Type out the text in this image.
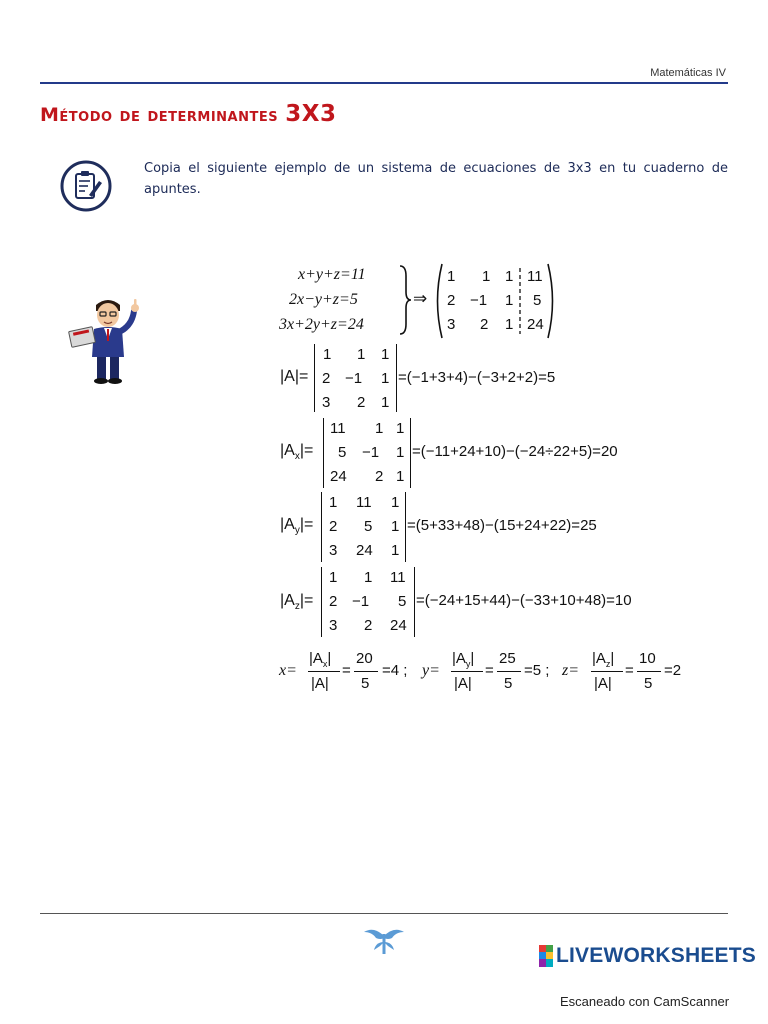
Matemáticas IV
Método de determinantes 3X3
Copia el siguiente ejemplo de un sistema de ecuaciones de 3x3 en tu cuaderno de apuntes.
x+y+z=11
2x−y+z=5
3x+2y+z=24
⇒
1 1 1 11
2 −1 1 5
3 2 1 24
|A|=
1 1 1
2 −1 1
3 2 1
=(−1+3+4)−(−3+2+2)=5
$|A_x|=$
11 1 1
5 −1 1
24 2 1
=(−11+24+10)−(−24÷22+5)=20
$|A_y|=$
1 11 1
2 5 1
3 24 1
=(5+33+48)−(15+24+22)=25
$|A_z|=$
1 1 11
2 −1 5
3 2 24
=(−24+15+44)−(−33+10+48)=10
x=
$|A_x|$
|A|
=
20
5
=4 ; y=
$|A_y|$
|A|
=
25
5
=5 ; z=
$|A_z|$
|A|
=
10
5
=2
LIVEWORKSHEETS
Escaneado con CamScanner
